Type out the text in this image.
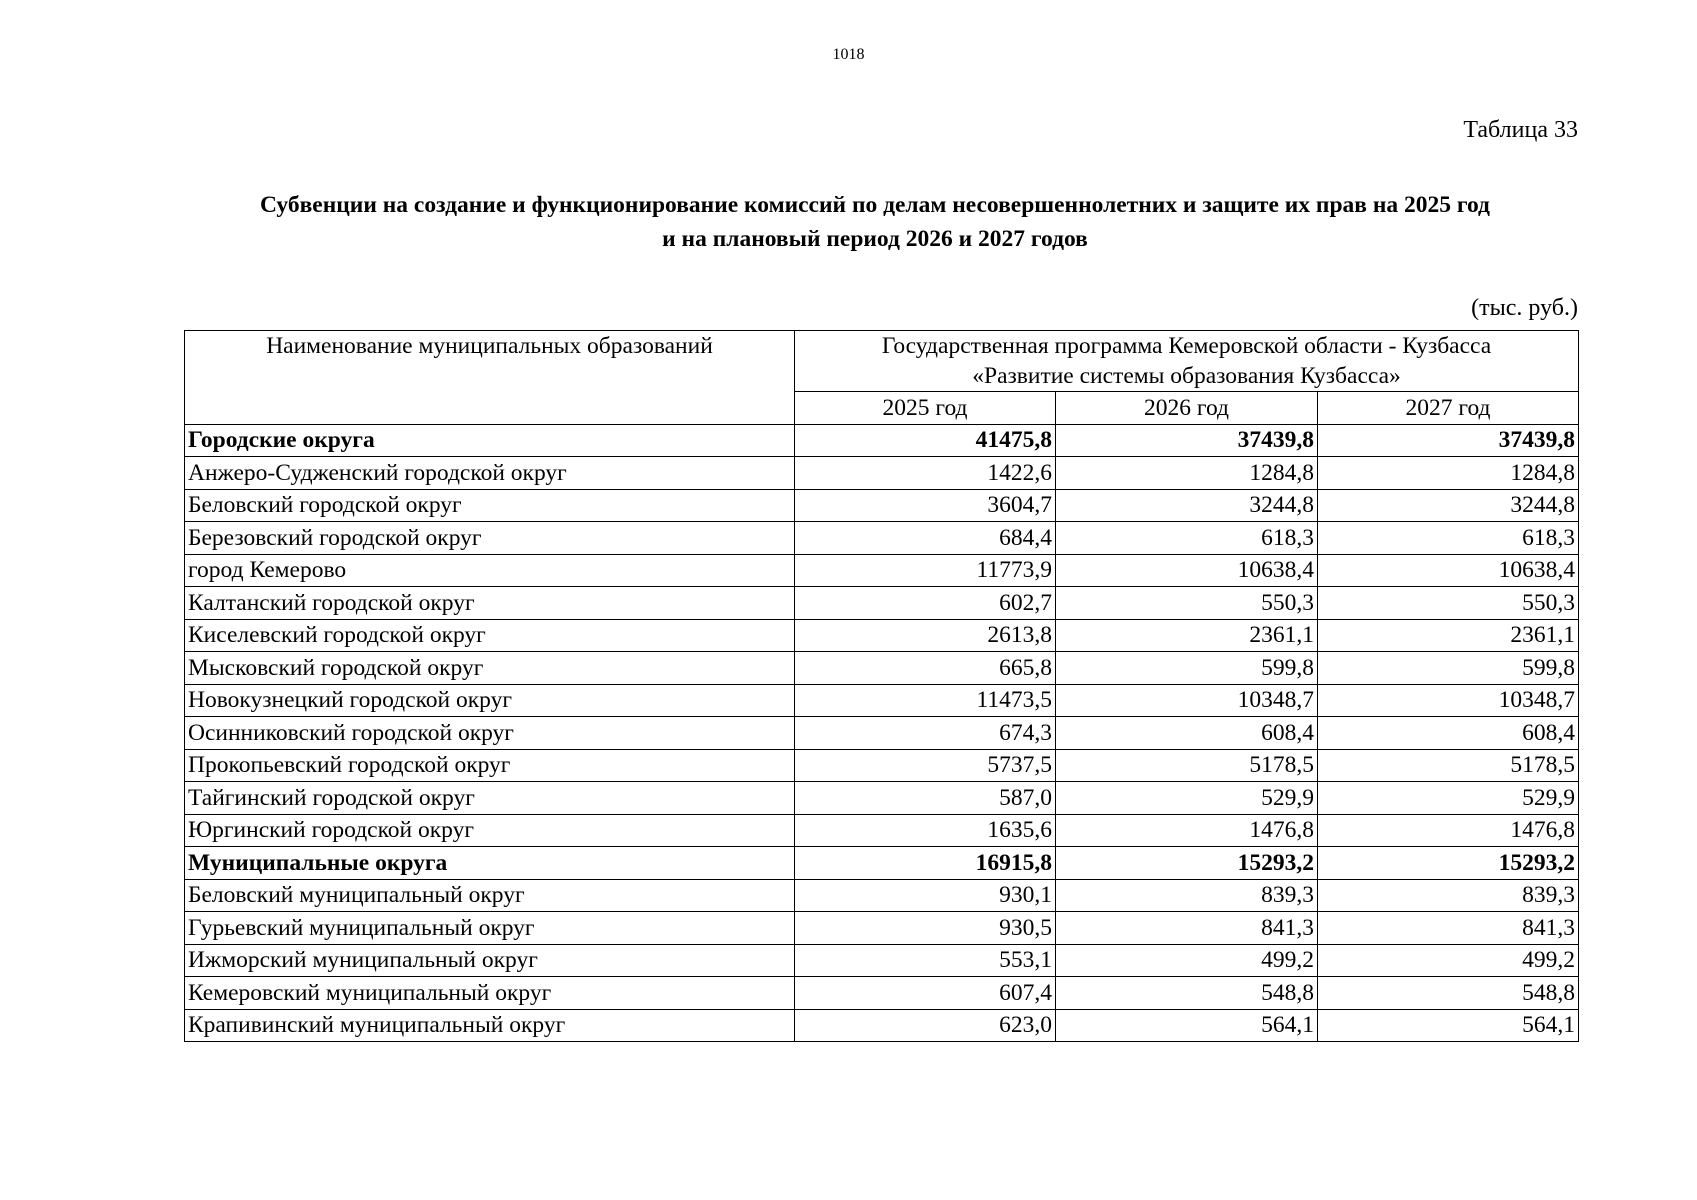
1018
Таблица 33
Субвенции на создание и функционирование комиссий по делам несовершеннолетних и защите их прав на 2025 год
и на плановый период 2026 и 2027 годов
(тыс. руб.)
Наименование муниципальных образований	Государственная программа Кемеровской области - Кузбасса
«Развитие системы образования Кузбасса»		

	2025 год	2026 год	2027 год
Городские округа	41475,8	37439,8	37439,8
Анжеро-Судженский городской округ	1422,6	1284,8	1284,8
Беловский городской округ	3604,7	3244,8	3244,8
Березовский городской округ	684,4	618,3	618,3
город Кемерово	11773,9	10638,4	10638,4
Калтанский городской округ	602,7	550,3	550,3
Киселевский городской округ	2613,8	2361,1	2361,1
Мысковский городской округ	665,8	599,8	599,8
Новокузнецкий городской округ	11473,5	10348,7	10348,7
Осинниковский городской округ	674,3	608,4	608,4
Прокопьевский городской округ	5737,5	5178,5	5178,5
Тайгинский городской округ	587,0	529,9	529,9
Юргинский городской округ	1635,6	1476,8	1476,8
Муниципальные округа	16915,8	15293,2	15293,2
Беловский муниципальный округ	930,1	839,3	839,3
Гурьевский муниципальный округ	930,5	841,3	841,3
Ижморский муниципальный округ	553,1	499,2	499,2
Кемеровский муниципальный округ	607,4	548,8	548,8
Крапивинский муниципальный округ	623,0	564,1	564,1
